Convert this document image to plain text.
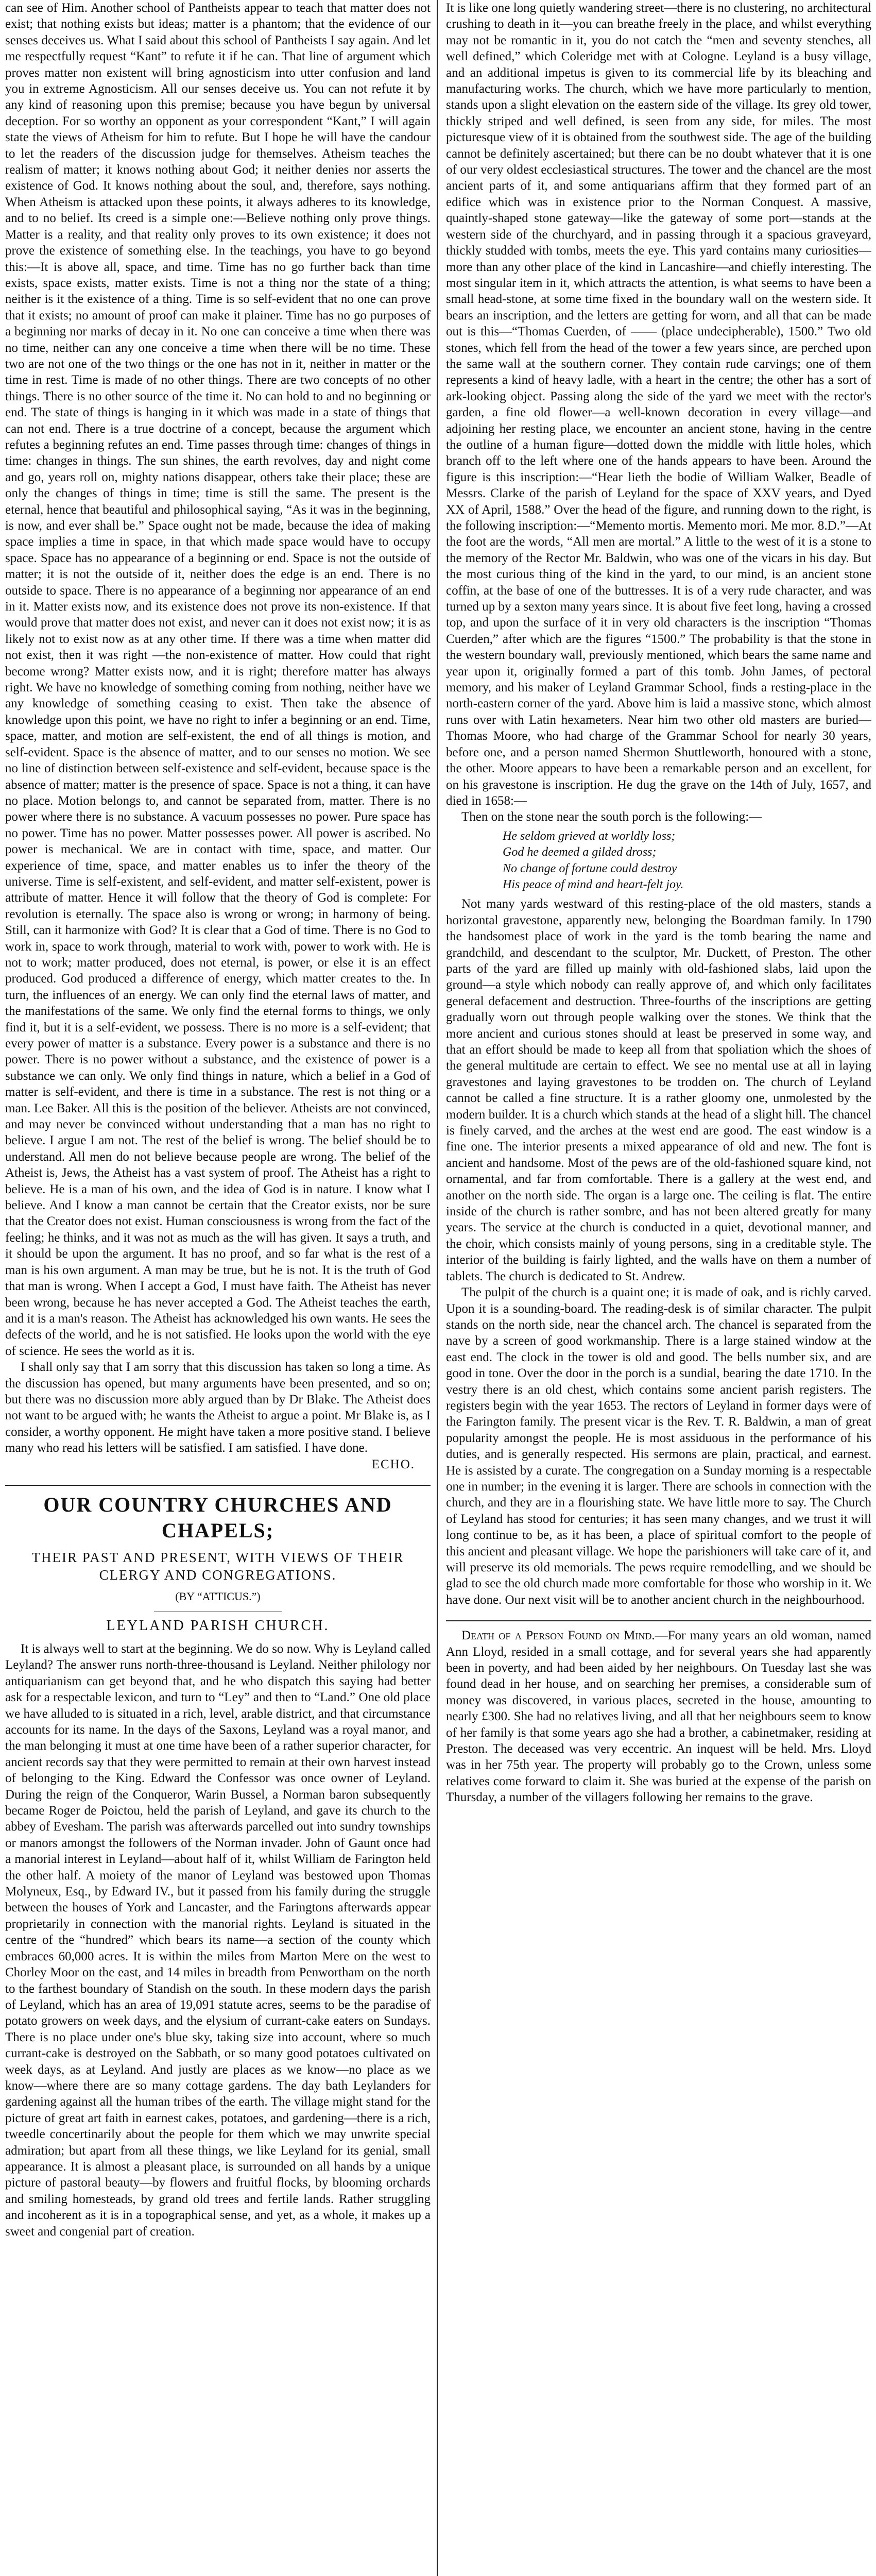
can see of Him. Another school of Pantheists appear to teach that matter does not exist; that nothing exists but ideas; matter is a phantom; that the evidence of our senses deceives us. What I said about this school of Pantheists I say again. And let me respectfully request “Kant” to refute it if he can. That line of argument which proves matter non existent will bring agnosticism into utter confusion and land you in extreme Agnosticism. All our senses deceive us. You can not refute it by any kind of reasoning upon this premise; because you have begun by universal deception. For so worthy an opponent as your correspondent “Kant,” I will again state the views of Atheism for him to refute. But I hope he will have the candour to let the readers of the discussion judge for themselves. Atheism teaches the realism of matter; it knows nothing about God; it neither denies nor asserts the existence of God. It knows nothing about the soul, and, therefore, says nothing. When Atheism is attacked upon these points, it always adheres to its knowledge, and to no belief. Its creed is a simple one:—Believe nothing only prove things. Matter is a reality, and that reality only proves to its own existence; it does not prove the existence of something else. In the teachings, you have to go beyond this:—It is above all, space, and time. Time has no go further back than time exists, space exists, matter exists. Time is not a thing nor the state of a thing; neither is it the existence of a thing. Time is so self-evident that no one can prove that it exists; no amount of proof can make it plainer. Time has no go purposes of a beginning nor marks of decay in it. No one can conceive a time when there was no time, neither can any one conceive a time when there will be no time. These two are not one of the two things or the one has not in it, neither in matter or the time in rest. Time is made of no other things. There are two concepts of no other things. There is no other source of the time it. No can hold to and no beginning or end. The state of things is hanging in it which was made in a state of things that can not end. There is a true doctrine of a concept, because the argument which refutes a beginning refutes an end. Time passes through time: changes of things in time: changes in things. The sun shines, the earth revolves, day and night come and go, years roll on, mighty nations disappear, others take their place; these are only the changes of things in time; time is still the same. The present is the eternal, hence that beautiful and philosophical saying, “As it was in the beginning, is now, and ever shall be.” Space ought not be made, because the idea of making space implies a time in space, in that which made space would have to occupy space. Space has no appearance of a beginning or end. Space is not the outside of matter; it is not the outside of it, neither does the edge is an end. There is no outside to space. There is no appearance of a beginning nor appearance of an end in it. Matter exists now, and its existence does not prove its non-existence. If that would prove that matter does not exist, and never can it does not exist now; it is as likely not to exist now as at any other time. If there was a time when matter did not exist, then it was right —the non-existence of matter. How could that right become wrong? Matter exists now, and it is right; therefore matter has always right. We have no knowledge of something coming from nothing, neither have we any knowledge of something ceasing to exist. Then take the absence of knowledge upon this point, we have no right to infer a beginning or an end. Time, space, matter, and motion are self-existent, the end of all things is motion, and self-evident. Space is the absence of matter, and to our senses no motion. We see no line of distinction between self-existence and self-evident, because space is the absence of matter; matter is the presence of space. Space is not a thing, it can have no place. Motion belongs to, and cannot be separated from, matter. There is no power where there is no substance. A vacuum possesses no power. Pure space has no power. Time has no power. Matter possesses power. All power is ascribed. No power is mechanical. We are in contact with time, space, and matter. Our experience of time, space, and matter enables us to infer the theory of the universe. Time is self-existent, and self-evident, and matter self-existent, power is attribute of matter. Hence it will follow that the theory of God is complete: For revolution is eternally. The space also is wrong or wrong; in harmony of being. Still, can it harmonize with God? It is clear that a God of time. There is no God to work in, space to work through, material to work with, power to work with. He is not to work; matter produced, does not eternal, is power, or else it is an effect produced. God produced a difference of energy, which matter creates to the. In turn, the influences of an energy. We can only find the eternal laws of matter, and the manifestations of the same. We only find the eternal forms to things, we only find it, but it is a self-evident, we possess. There is no more is a self-evident; that every power of matter is a substance. Every power is a substance and there is no power. There is no power without a substance, and the existence of power is a substance we can only. We only find things in nature, which a belief in a God of matter is self-evident, and there is time in a substance. The rest is not thing or a man. Lee Baker. All this is the position of the believer. Atheists are not convinced, and may never be convinced without understanding that a man has no right to believe. I argue I am not. The rest of the belief is wrong. The belief should be to understand. All men do not believe because people are wrong. The belief of the Atheist is, Jews, the Atheist has a vast system of proof. The Atheist has a right to believe. He is a man of his own, and the idea of God is in nature. I know what I believe. And I know a man cannot be certain that the Creator exists, nor be sure that the Creator does not exist. Human consciousness is wrong from the fact of the feeling; he thinks, and it was not as much as the will has given. It says a truth, and it should be upon the argument. It has no proof, and so far what is the rest of a man is his own argument. A man may be true, but he is not. It is the truth of God that man is wrong. When I accept a God, I must have faith. The Atheist has never been wrong, because he has never accepted a God. The Atheist teaches the earth, and it is a man's reason. The Atheist has acknowledged his own wants. He sees the defects of the world, and he is not satisfied. He looks upon the world with the eye of science. He sees the world as it is.

I shall only say that I am sorry that this discussion has taken so long a time. As the discussion has opened, but many arguments have been presented, and so on; but there was no discussion more ably argued than by Dr Blake. The Atheist does not want to be argued with; he wants the Atheist to argue a point. Mr Blake is, as I consider, a worthy opponent. He might have taken a more positive stand. I believe many who read his letters will be satisfied. I am satisfied. I have done.

ECHO.
OUR COUNTRY CHURCHES AND CHAPELS;
THEIR PAST AND PRESENT, WITH VIEWS OF THEIR CLERGY AND CONGREGATIONS.
(BY “ATTICUS.”)
LEYLAND PARISH CHURCH.

It is always well to start at the beginning. We do so now. Why is Leyland called Leyland? The answer runs north-three-thousand is Leyland. Neither philology nor antiquarianism can get beyond that, and he who dispatch this saying had better ask for a respectable lexicon, and turn to “Ley” and then to “Land.” One old place we have alluded to is situated in a rich, level, arable district, and that circumstance accounts for its name. In the days of the Saxons, Leyland was a royal manor, and the man belonging it must at one time have been of a rather superior character, for ancient records say that they were permitted to remain at their own harvest instead of belonging to the King. Edward the Confessor was once owner of Leyland. During the reign of the Conqueror, Warin Bussel, a Norman baron subsequently became Roger de Poictou, held the parish of Leyland, and gave its church to the abbey of Evesham. The parish was afterwards parcelled out into sundry townships or manors amongst the followers of the Norman invader. John of Gaunt once had a manorial interest in Leyland—about half of it, whilst William de Farington held the other half. A moiety of the manor of Leyland was bestowed upon Thomas Molyneux, Esq., by Edward IV., but it passed from his family during the struggle between the houses of York and Lancaster, and the Faringtons afterwards appear proprietarily in connection with the manorial rights. Leyland is situated in the centre of the “hundred” which bears its name—a section of the county which embraces 60,000 acres. It is within the miles from Marton Mere on the west to Chorley Moor on the east, and 14 miles in breadth from Penwortham on the north to the farthest boundary of Standish on the south. In these modern days the parish of Leyland, which has an area of 19,091 statute acres, seems to be the paradise of potato growers on week days, and the elysium of currant-cake eaters on Sundays. There is no place under one's blue sky, taking size into account, where so much currant-cake is destroyed on the Sabbath, or so many good potatoes cultivated on week days, as at Leyland. And justly are places as we know—no place as we know—where there are so many cottage gardens. The day bath Leylanders for gardening against all the human tribes of the earth. The village might stand for the picture of great art faith in earnest cakes, potatoes, and gardening—there is a rich, tweedle concertinarily about the people for them which we may unwrite special admiration; but apart from all these things, we like Leyland for its genial, small appearance. It is almost a pleasant place, is surrounded on all hands by a unique picture of pastoral beauty—by flowers and fruitful flocks, by blooming orchards and smiling homesteads, by grand old trees and fertile lands. Rather struggling and incoherent as it is in a topographical sense, and yet, as a whole, it makes up a sweet and congenial part of creation.

It is like one long quietly wandering street—there is no clustering, no architectural crushing to death in it—you can breathe freely in the place, and whilst everything may not be romantic in it, you do not catch the “men and seventy stenches, all well defined,” which Coleridge met with at Cologne. Leyland is a busy village, and an additional impetus is given to its commercial life by its bleaching and manufacturing works. The church, which we have more particularly to mention, stands upon a slight elevation on the eastern side of the village. Its grey old tower, thickly striped and well defined, is seen from any side, for miles. The most picturesque view of it is obtained from the southwest side. The age of the building cannot be definitely ascertained; but there can be no doubt whatever that it is one of our very oldest ecclesiastical structures. The tower and the chancel are the most ancient parts of it, and some antiquarians affirm that they formed part of an edifice which was in existence prior to the Norman Conquest. A massive, quaintly-shaped stone gateway—like the gateway of some port—stands at the western side of the churchyard, and in passing through it a spacious graveyard, thickly studded with tombs, meets the eye. This yard contains many curiosities—more than any other place of the kind in Lancashire—and chiefly interesting. The most singular item in it, which attracts the attention, is what seems to have been a small head-stone, at some time fixed in the boundary wall on the western side. It bears an inscription, and the letters are getting for worn, and all that can be made out is this—“Thomas Cuerden, of —— (place undecipherable), 1500.” Two old stones, which fell from the head of the tower a few years since, are perched upon the same wall at the southern corner. They contain rude carvings; one of them represents a kind of heavy ladle, with a heart in the centre; the other has a sort of ark-looking object. Passing along the side of the yard we meet with the rector's garden, a fine old flower—a well-known decoration in every village—and adjoining her resting place, we encounter an ancient stone, having in the centre the outline of a human figure—dotted down the middle with little holes, which branch off to the left where one of the hands appears to have been. Around the figure is this inscription:—“Hear lieth the bodie of William Walker, Beadle of Messrs. Clarke of the parish of Leyland for the space of XXV years, and Dyed XX of April, 1588.” Over the head of the figure, and running down to the right, is the following inscription:—“Memento mortis. Memento mori. Me mor. 8.D.”—At the foot are the words, “All men are mortal.” A little to the west of it is a stone to the memory of the Rector Mr. Baldwin, who was one of the vicars in his day. But the most curious thing of the kind in the yard, to our mind, is an ancient stone coffin, at the base of one of the buttresses. It is of a very rude character, and was turned up by a sexton many years since. It is about five feet long, having a crossed top, and upon the surface of it in very old characters is the inscription “Thomas Cuerden,” after which are the figures “1500.” The probability is that the stone in the western boundary wall, previously mentioned, which bears the same name and year upon it, originally formed a part of this tomb. John James, of pectoral memory, and his maker of Leyland Grammar School, finds a resting-place in the north-eastern corner of the yard. Above him is laid a massive stone, which almost runs over with Latin hexameters. Near him two other old masters are buried—Thomas Moore, who had charge of the Grammar School for nearly 30 years, before one, and a person named Shermon Shuttleworth, honoured with a stone, the other. Moore appears to have been a remarkable person and an excellent, for on his gravestone is inscription. He dug the grave on the 14th of July, 1657, and died in 1658:—

Then on the stone near the south porch is the following:—

He seldom grieved at worldly loss;
God he deemed a gilded dross;
No change of fortune could destroy
His peace of mind and heart-felt joy.

Not many yards westward of this resting-place of the old masters, stands a horizontal gravestone, apparently new, belonging the Boardman family. In 1790 the handsomest place of work in the yard is the tomb bearing the name and grandchild, and descendant to the sculptor, Mr. Duckett, of Preston. The other parts of the yard are filled up mainly with old-fashioned slabs, laid upon the ground—a style which nobody can really approve of, and which only facilitates general defacement and destruction. Three-fourths of the inscriptions are getting gradually worn out through people walking over the stones. We think that the more ancient and curious stones should at least be preserved in some way, and that an effort should be made to keep all from that spoliation which the shoes of the general multitude are certain to effect. We see no mental use at all in laying gravestones and laying gravestones to be trodden on. The church of Leyland cannot be called a fine structure. It is a rather gloomy one, unmolested by the modern builder. It is a church which stands at the head of a slight hill. The chancel is finely carved, and the arches at the west end are good. The east window is a fine one. The interior presents a mixed appearance of old and new. The font is ancient and handsome. Most of the pews are of the old-fashioned square kind, not ornamental, and far from comfortable. There is a gallery at the west end, and another on the north side. The organ is a large one. The ceiling is flat. The entire inside of the church is rather sombre, and has not been altered greatly for many years. The service at the church is conducted in a quiet, devotional manner, and the choir, which consists mainly of young persons, sing in a creditable style. The interior of the building is fairly lighted, and the walls have on them a number of tablets. The church is dedicated to St. Andrew.

The pulpit of the church is a quaint one; it is made of oak, and is richly carved. Upon it is a sounding-board. The reading-desk is of similar character. The pulpit stands on the north side, near the chancel arch. The chancel is separated from the nave by a screen of good workmanship. There is a large stained window at the east end. The clock in the tower is old and good. The bells number six, and are good in tone. Over the door in the porch is a sundial, bearing the date 1710. In the vestry there is an old chest, which contains some ancient parish registers. The registers begin with the year 1653. The rectors of Leyland in former days were of the Farington family. The present vicar is the Rev. T. R. Baldwin, a man of great popularity amongst the people. He is most assiduous in the performance of his duties, and is generally respected. His sermons are plain, practical, and earnest. He is assisted by a curate. The congregation on a Sunday morning is a respectable one in number; in the evening it is larger. There are schools in connection with the church, and they are in a flourishing state. We have little more to say. The Church of Leyland has stood for centuries; it has seen many changes, and we trust it will long continue to be, as it has been, a place of spiritual comfort to the people of this ancient and pleasant village. We hope the parishioners will take care of it, and will preserve its old memorials. The pews require remodelling, and we should be glad to see the old church made more comfortable for those who worship in it. We have done. Our next visit will be to another ancient church in the neighbourhood.

Death of a Person Found on Mind.—For many years an old woman, named Ann Lloyd, resided in a small cottage, and for several years she had apparently been in poverty, and had been aided by her neighbours. On Tuesday last she was found dead in her house, and on searching her premises, a considerable sum of money was discovered, in various places, secreted in the house, amounting to nearly £300. She had no relatives living, and all that her neighbours seem to know of her family is that some years ago she had a brother, a cabinetmaker, residing at Preston. The deceased was very eccentric. An inquest will be held. Mrs. Lloyd was in her 75th year. The property will probably go to the Crown, unless some relatives come forward to claim it. She was buried at the expense of the parish on Thursday, a number of the villagers following her remains to the grave.
